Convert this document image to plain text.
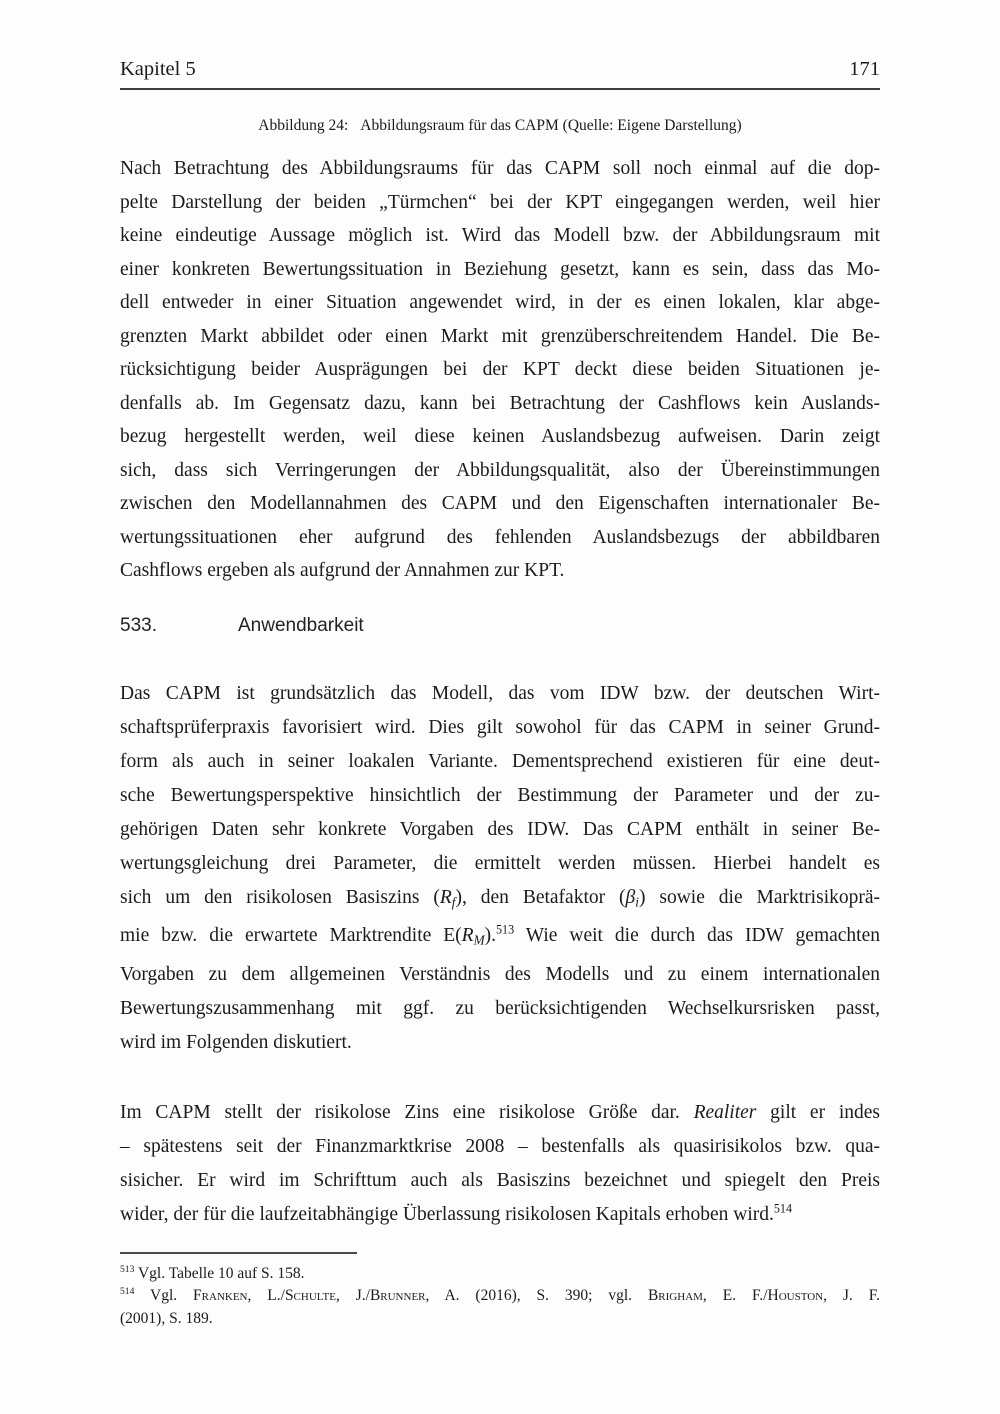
Kapitel 5	171
Abbildung 24: Abbildungsraum für das CAPM (Quelle: Eigene Darstellung)
Nach Betrachtung des Abbildungsraums für das CAPM soll noch einmal auf die dop-
pelte Darstellung der beiden „Türmchen“ bei der KPT eingegangen werden, weil hier
keine eindeutige Aussage möglich ist. Wird das Modell bzw. der Abbildungsraum mit
einer konkreten Bewertungssituation in Beziehung gesetzt, kann es sein, dass das Mo-
dell entweder in einer Situation angewendet wird, in der es einen lokalen, klar abge-
grenzten Markt abbildet oder einen Markt mit grenzüberschreitendem Handel. Die Be-
rücksichtigung beider Ausprägungen bei der KPT deckt diese beiden Situationen je-
denfalls ab. Im Gegensatz dazu, kann bei Betrachtung der Cashflows kein Auslands-
bezug hergestellt werden, weil diese keinen Auslandsbezug aufweisen. Darin zeigt
sich, dass sich Verringerungen der Abbildungsqualität, also der Übereinstimmungen
zwischen den Modellannahmen des CAPM und den Eigenschaften internationaler Be-
wertungssituationen eher aufgrund des fehlenden Auslandsbezugs der abbildbaren
Cashflows ergeben als aufgrund der Annahmen zur KPT.
533.	Anwendbarkeit
Das CAPM ist grundsätzlich das Modell, das vom IDW bzw. der deutschen Wirt-
schaftsprüferpraxis favorisiert wird. Dies gilt sowohol für das CAPM in seiner Grund-
form als auch in seiner loakalen Variante. Dementsprechend existieren für eine deut-
sche Bewertungsperspektive hinsichtlich der Bestimmung der Parameter und der zu-
gehörigen Daten sehr konkrete Vorgaben des IDW. Das CAPM enthält in seiner Be-
wertungsgleichung drei Parameter, die ermittelt werden müssen. Hierbei handelt es
sich um den risikolosen Basiszins (Rf), den Betafaktor (βi) sowie die Marktrisikoprä-
mie bzw. die erwartete Marktrendite E(RM).$^{513}$ Wie weit die durch das IDW gemachten
Vorgaben zu dem allgemeinen Verständnis des Modells und zu einem internationalen
Bewertungszusammenhang mit ggf. zu berücksichtigenden Wechselkursrisken passt,
wird im Folgenden diskutiert.
Im CAPM stellt der risikolose Zins eine risikolose Größe dar. Realiter gilt er indes
– spätestens seit der Finanzmarktkrise 2008 – bestenfalls als quasirisikolos bzw. qua-
sisicher. Er wird im Schrifttum auch als Basiszins bezeichnet und spiegelt den Preis
wider, der für die laufzeitabhängige Überlassung risikolosen Kapitals erhoben wird.$^{514}$
$^{513}$ Vgl. Tabelle 10 auf S. 158.
$^{514}$ Vgl. Franken, L./Schulte, J./Brunner, A. (2016), S. 390; vgl. Brigham, E. F./Houston, J. F.
(2001), S. 189.
